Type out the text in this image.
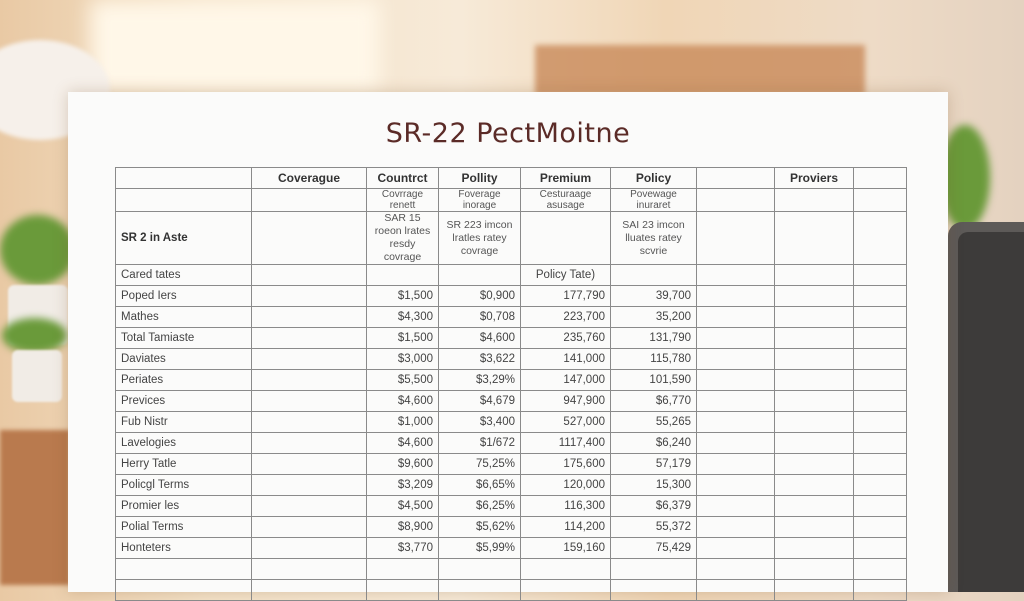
SR-22 PectMoitne
	Coverague	Countrct	Pollity	Premium	Policy		Proviers	
		Covrrage renett	Foverage inorage	Cesturaage asusage	Povewage inuraret			
SR 2 in Aste		SAR 15 roeon lrates resdy covrage	SR 223 imcon lratles ratey covrage		SAI 23 imcon lluates ratey scvrie			
Cared tates				Policy Tate)				
Poped Iers		$1,500	$0,900	177,790	39,700			
Mathes		$4,300	$0,708	223,700	35,200			
Total Tamiaste		$1,500	$4,600	235,760	131,790			
Daviates		$3,000	$3,622	141,000	115,780			
Periates		$5,500	$3,29%	147,000	101,590			
Previces		$4,600	$4,679	947,900	$6,770			
Fub Nistr		$1,000	$3,400	527,000	55,265			
Lavelogies		$4,600	$1/672	1117,400	$6,240			
Herry Tatle		$9,600	75,25%	175,600	57,179			
Policgl Terms		$3,209	$6,65%	120,000	15,300			
Promier les		$4,500	$6,25%	116,300	$6,379			
Polial Terms		$8,900	$5,62%	114,200	55,372			
Honteters		$3,770	$5,99%	159,160	75,429			
